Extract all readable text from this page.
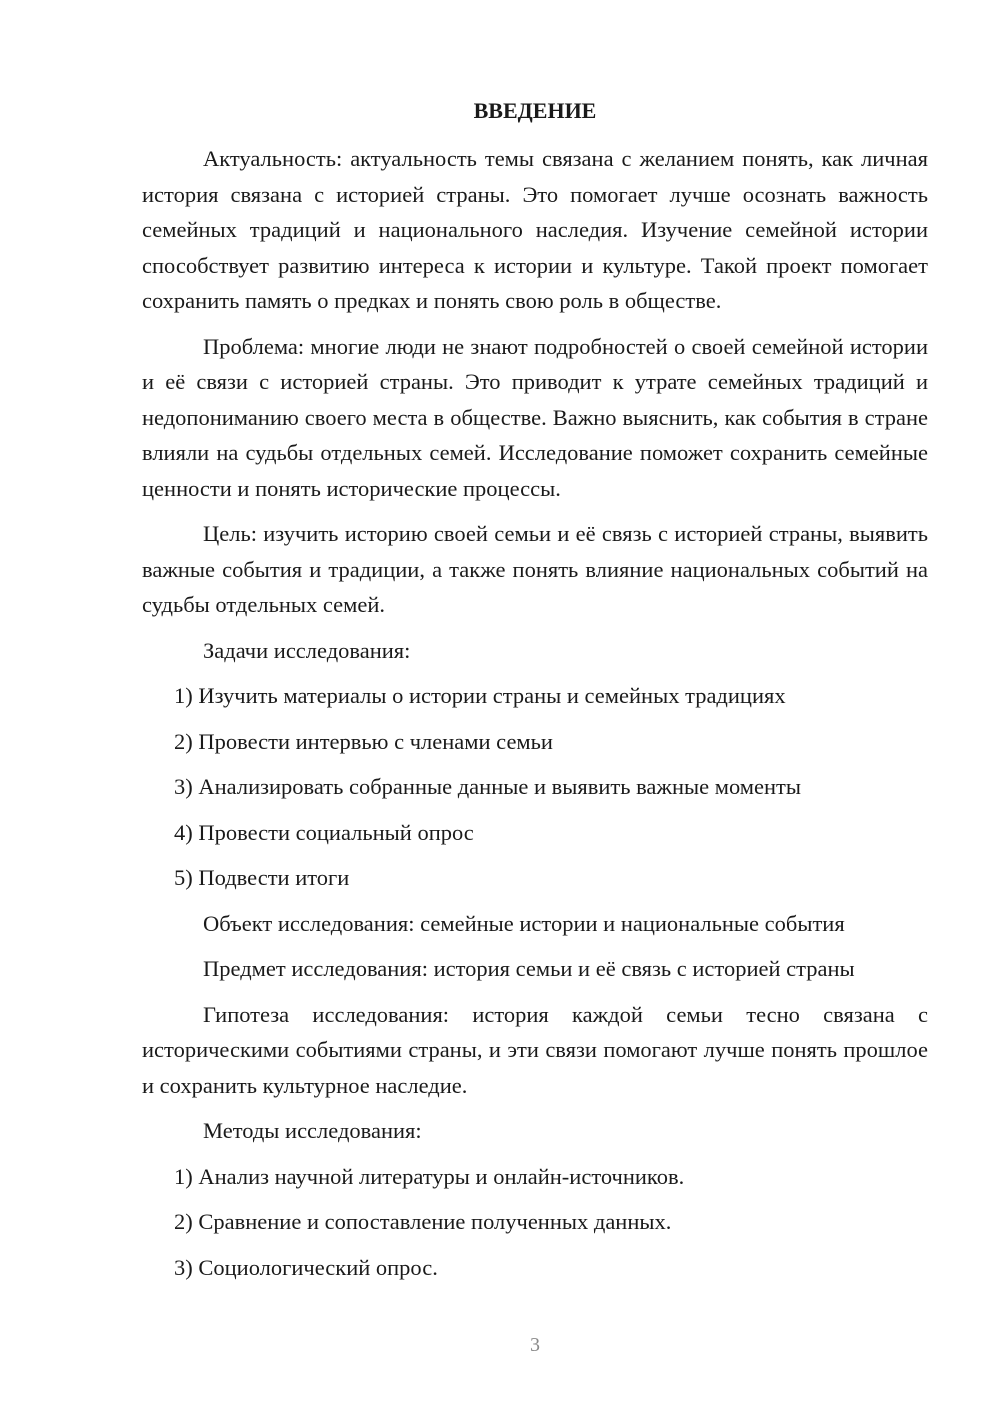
ВВЕДЕНИЕ

Актуальность: актуальность темы связана с желанием понять, как личная история связана с историей страны. Это помогает лучше осознать важность семейных традиций и национального наследия. Изучение семейной истории способствует развитию интереса к истории и культуре. Такой проект помогает сохранить память о предках и понять свою роль в обществе.

Проблема: многие люди не знают подробностей о своей семейной истории и её связи с историей страны. Это приводит к утрате семейных традиций и недопониманию своего места в обществе. Важно выяснить, как события в стране влияли на судьбы отдельных семей. Исследование поможет сохранить семейные ценности и понять исторические процессы.

Цель: изучить историю своей семьи и её связь с историей страны, выявить важные события и традиции, а также понять влияние национальных событий на судьбы отдельных семей.

Задачи исследования:
1) Изучить материалы о истории страны и семейных традициях
2) Провести интервью с членами семьи
3) Анализировать собранные данные и выявить важные моменты
4) Провести социальный опрос
5) Подвести итоги
Объект исследования: семейные истории и национальные события
Предмет исследования: история семьи и её связь с историей страны

Гипотеза исследования: история каждой семьи тесно связана с историческими событиями страны, и эти связи помогают лучше понять прошлое и сохранить культурное наследие.

Методы исследования:
1) Анализ научной литературы и онлайн-источников.
2) Сравнение и сопоставление полученных данных.
3) Социологический опрос.
3
